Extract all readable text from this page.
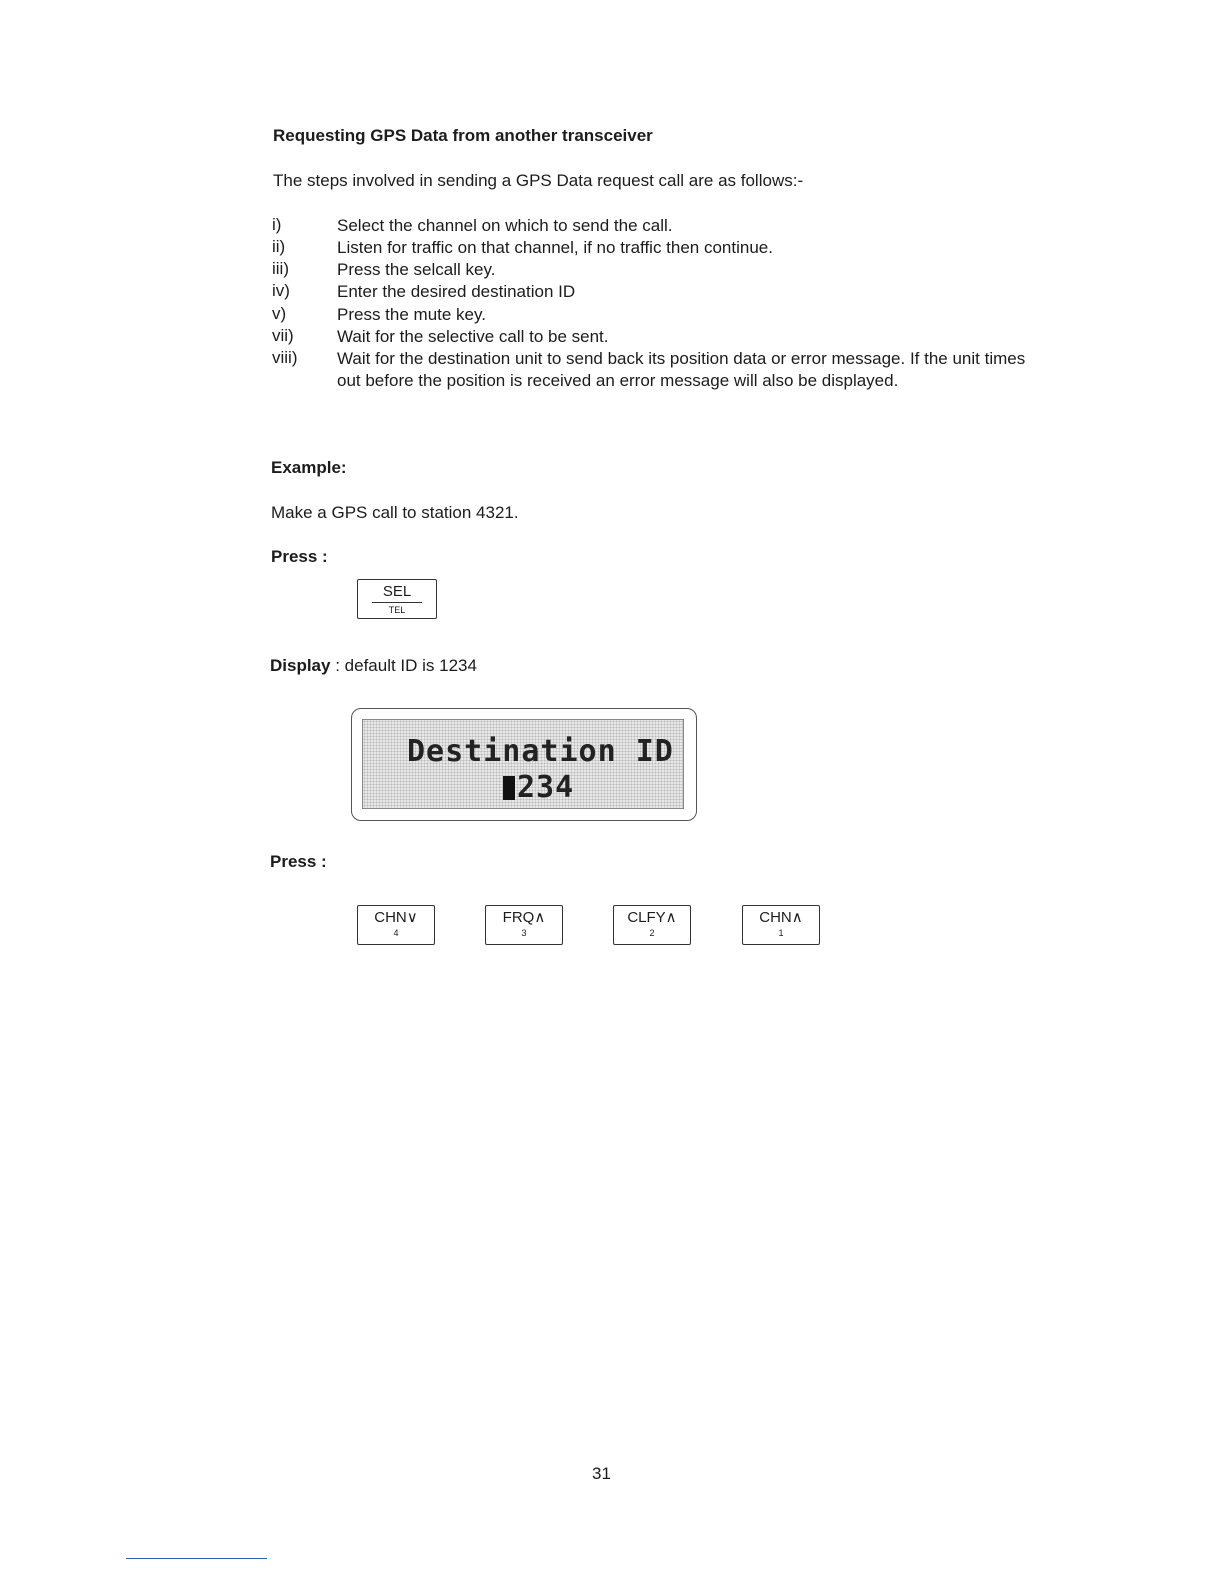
Requesting GPS Data from another transceiver
The steps involved in sending a GPS Data request call are as follows:-
i)	Select the channel on which to send the call.
ii)	Listen for traffic on that channel, if no traffic then continue.
iii)	Press the selcall key.
iv)	Enter the desired destination ID
v)	Press the mute key.
vii)	Wait for the selective call to be sent.
viii) Wait for the destination unit to send back its position data or error message. If the unit times out before the position is received an error message will also be displayed.
Example:
Make a GPS call to station 4321.
Press :
SEL
TEL
Display : default ID is 1234
Destination ID
234
Press :
CHN∨
4
FRQ∧
3
CLFY∧
2
CHN∧
1
31
